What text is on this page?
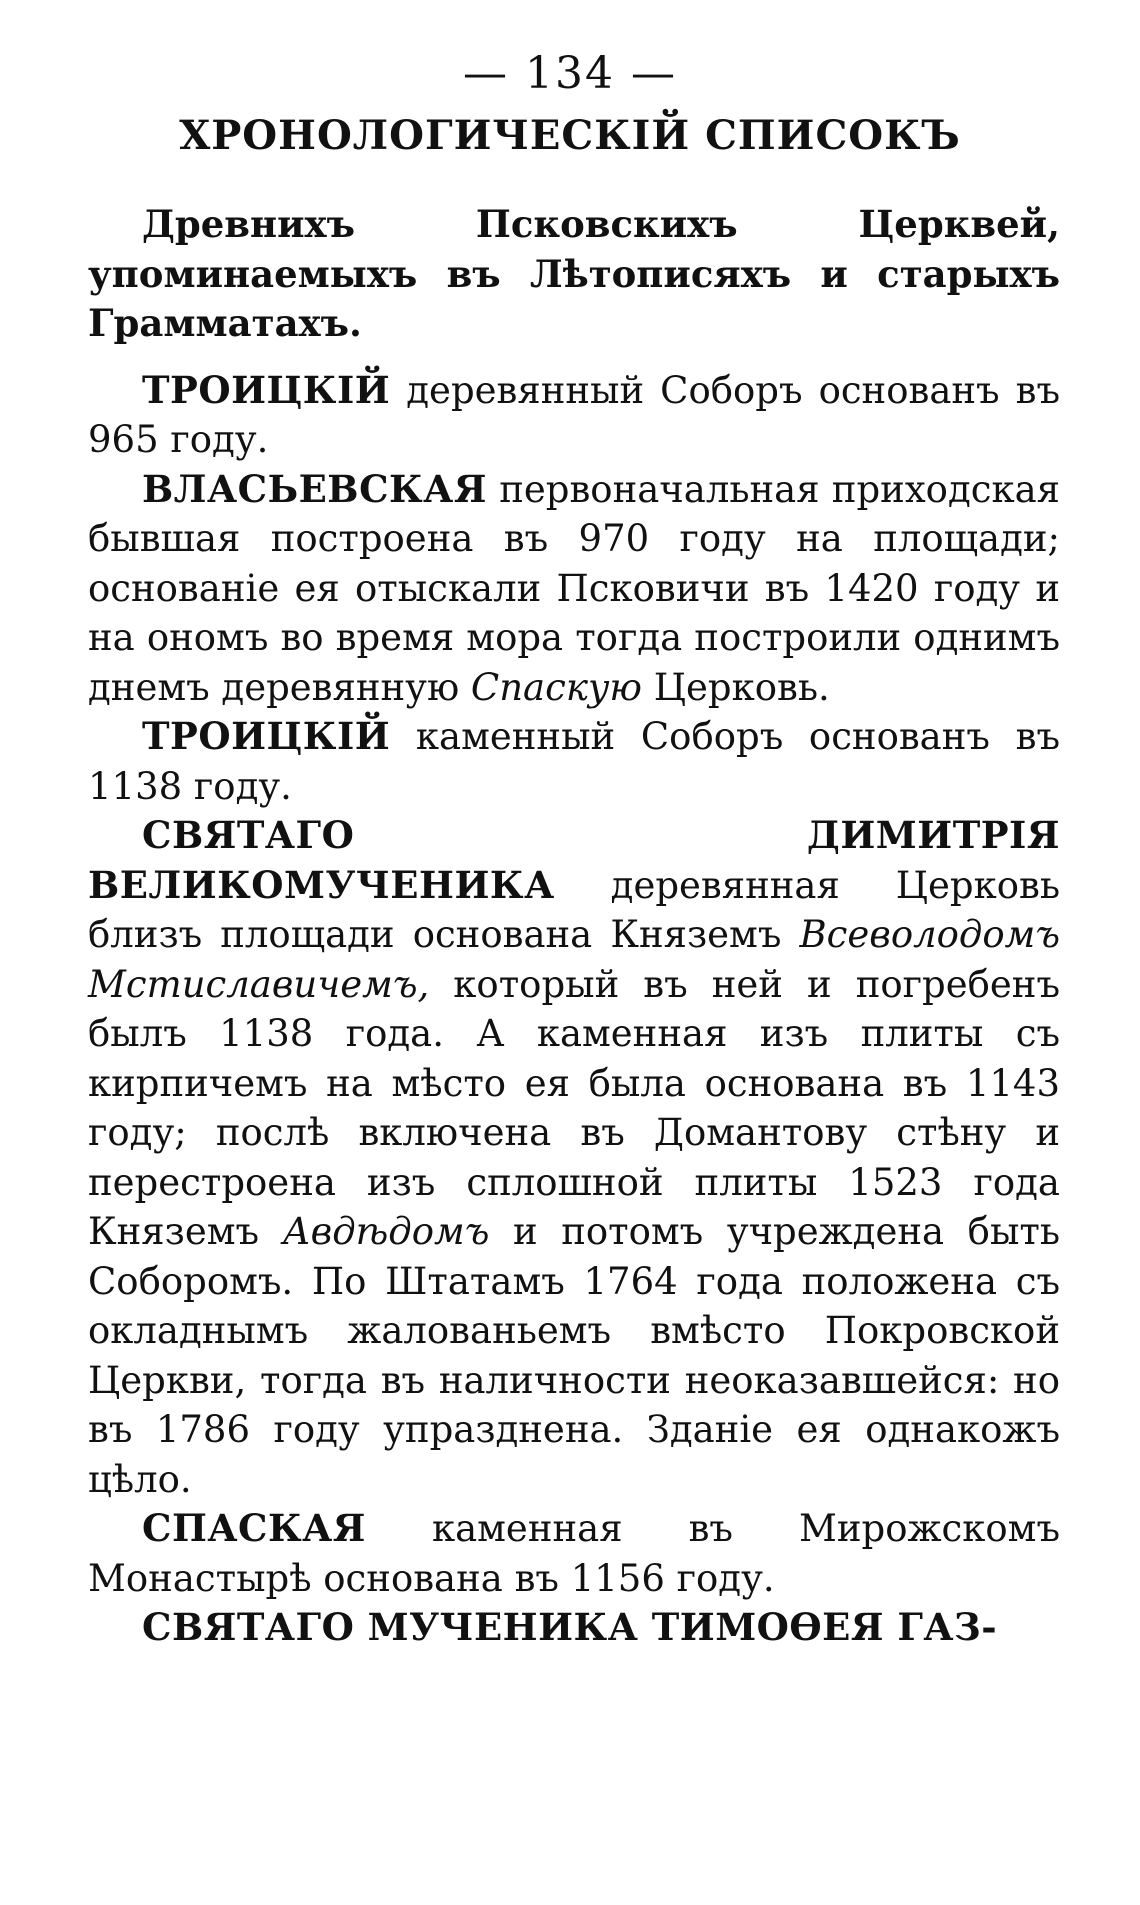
— 134 —
ХРОНОЛОГИЧЕСКІЙ СПИСОКЪ

Древнихъ Псковскихъ Церквей, упоминаемыхъ въ Лѣтописяхъ и старыхъ Грамматахъ.

ТРОИЦКІЙ деревянный Соборъ основанъ въ 965 году.

ВЛАСЬЕВСКАЯ первоначальная приходская бывшая построена въ 970 году на площади; основаніе ея отыскали Псковичи въ 1420 году и на ономъ во время мора тогда построили однимъ днемъ деревянную Спаскую Церковь.

ТРОИЦКІЙ каменный Соборъ основанъ въ 1138 году.

СВЯТАГО ДИМИТРІЯ ВЕЛИКОМУЧЕНИКА деревянная Церковь близъ площади основана Княземъ Всеволодомъ Мстиславичемъ, который въ ней и погребенъ былъ 1138 года. А каменная изъ плиты съ кирпичемъ на мѣсто ея была основана въ 1143 году; послѣ включена въ Домантову стѣну и перестроена изъ сплошной плиты 1523 года Княземъ Авдѣдомъ и потомъ учреждена быть Соборомъ. По Штатамъ 1764 года положена съ окладнымъ жалованьемъ вмѣсто Покровской Церкви, тогда въ наличности неоказавшейся: но въ 1786 году упразднена. Зданіе ея однакожъ цѣло.

СПАСКАЯ каменная въ Мирожскомъ Монастырѣ основана въ 1156 году.

СВЯТАГО МУЧЕНИКА ТИМОѲЕЯ ГАЗ-
